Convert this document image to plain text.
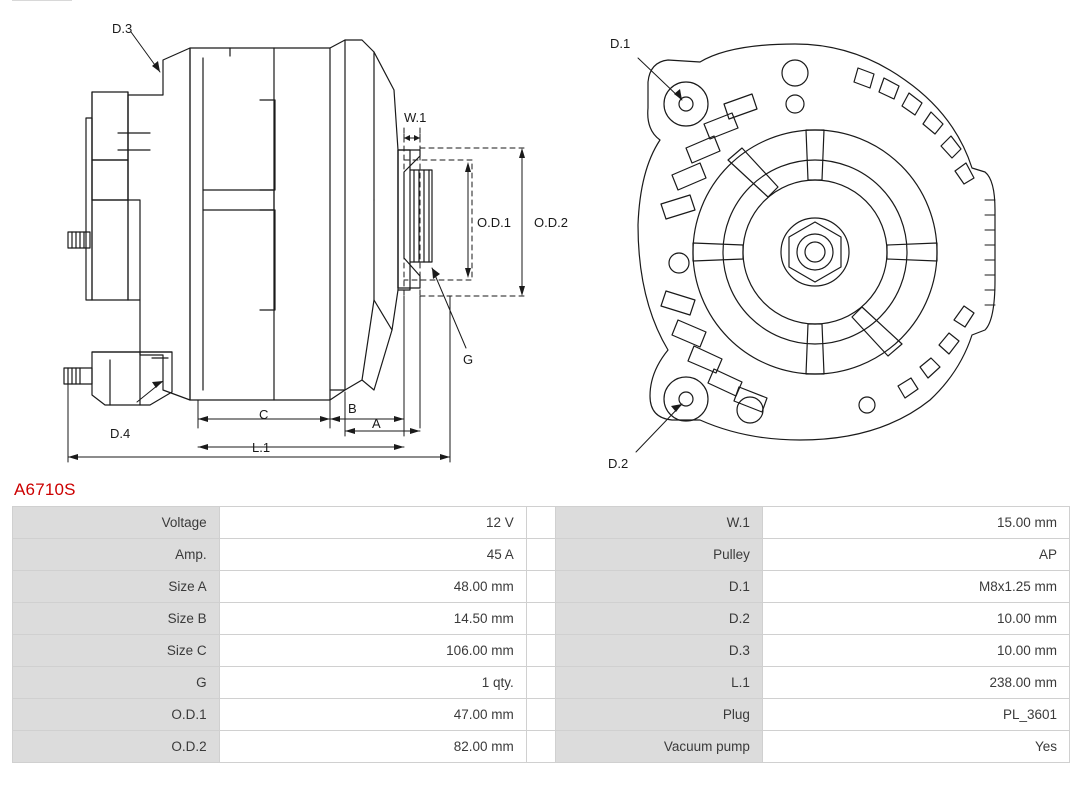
D.3
W.1
O.D.1 O.D.2
G
D.4
C	B
A
L.1
D.1
D.2
A6710S
Voltage	12 V		W.1	15.00 mm
Amp.	45 A		Pulley	AP
Size A	48.00 mm		D.1	M8x1.25 mm
Size B	14.50 mm		D.2	10.00 mm
Size C	106.00 mm		D.3	10.00 mm
G	1 qty.		L.1	238.00 mm
O.D.1	47.00 mm		Plug	PL_3601
O.D.2	82.00 mm		Vacuum pump	Yes
